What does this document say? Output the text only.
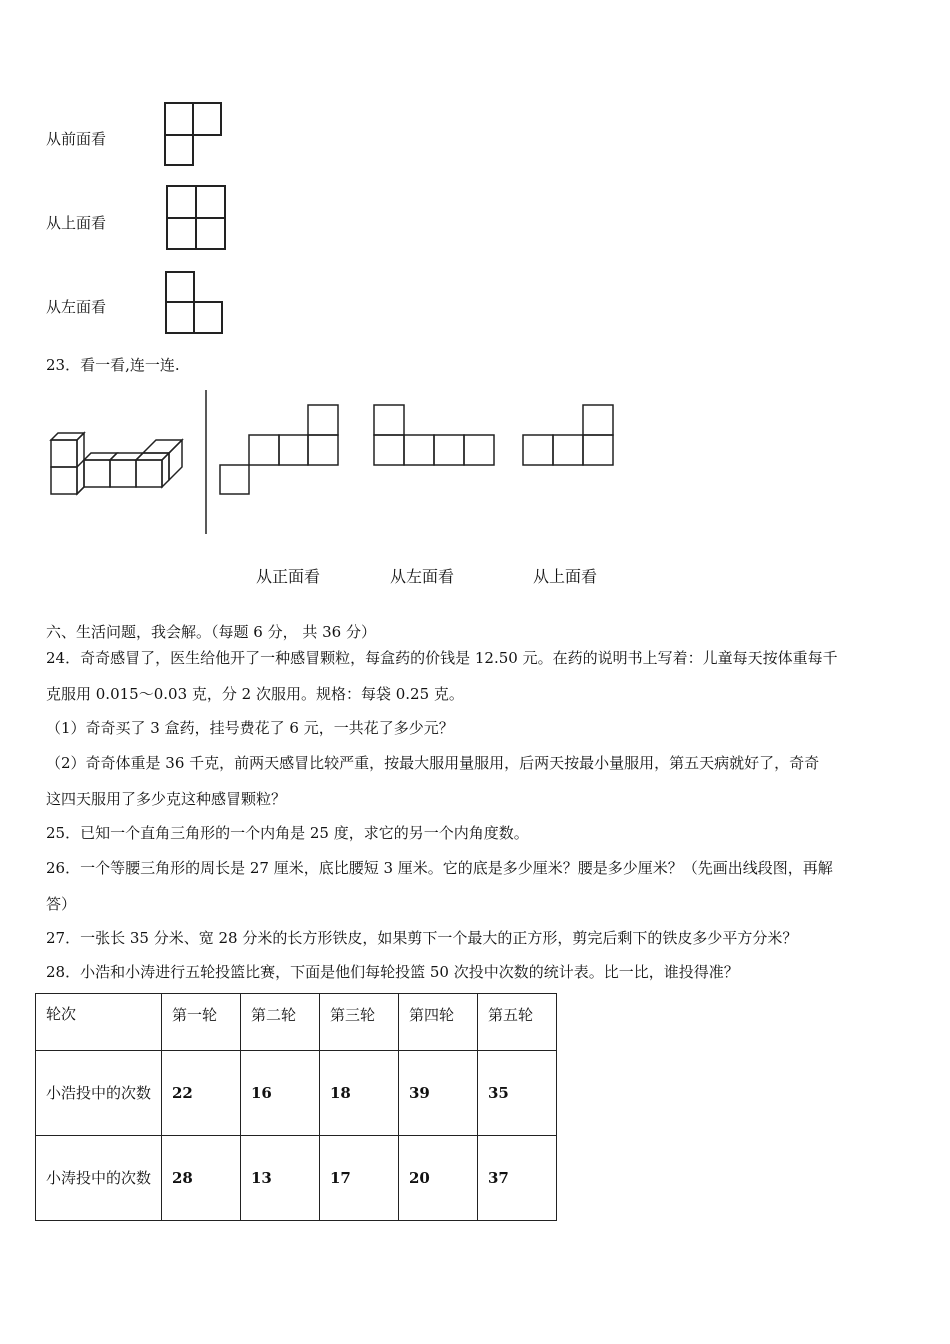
从前面看
从上面看
从左面看
23．看一看,连一连.
从正面看	从左面看	从上面看
六、生活问题，我会解。（每题 6 分， 共 36 分）
24．奇奇感冒了，医生给他开了一种感冒颗粒，每盒药的价钱是 12.50 元。在药的说明书上写着：儿童每天按体重每千
克服用 0.015～0.03 克，分 2 次服用。规格：每袋 0.25 克。
（1）奇奇买了 3 盒药，挂号费花了 6 元，一共花了多少元？
（2）奇奇体重是 36 千克，前两天感冒比较严重，按最大服用量服用，后两天按最小量服用，第五天病就好了，奇奇
这四天服用了多少克这种感冒颗粒？
25．已知一个直角三角形的一个内角是 25 度，求它的另一个内角度数。
26．一个等腰三角形的周长是 27 厘米，底比腰短 3 厘米。它的底是多少厘米？腰是多少厘米？（先画出线段图，再解
答）
27．一张长 35 分米、宽 28 分米的长方形铁皮，如果剪下一个最大的正方形，剪完后剩下的铁皮多少平方分米？
28．小浩和小涛进行五轮投篮比赛，下面是他们每轮投篮 50 次投中次数的统计表。比一比，谁投得准？
轮次	第一轮	第二轮	第三轮	第四轮	第五轮
小浩投中的次数	22	16	18	39	35
小涛投中的次数	28	13	17	20	37
